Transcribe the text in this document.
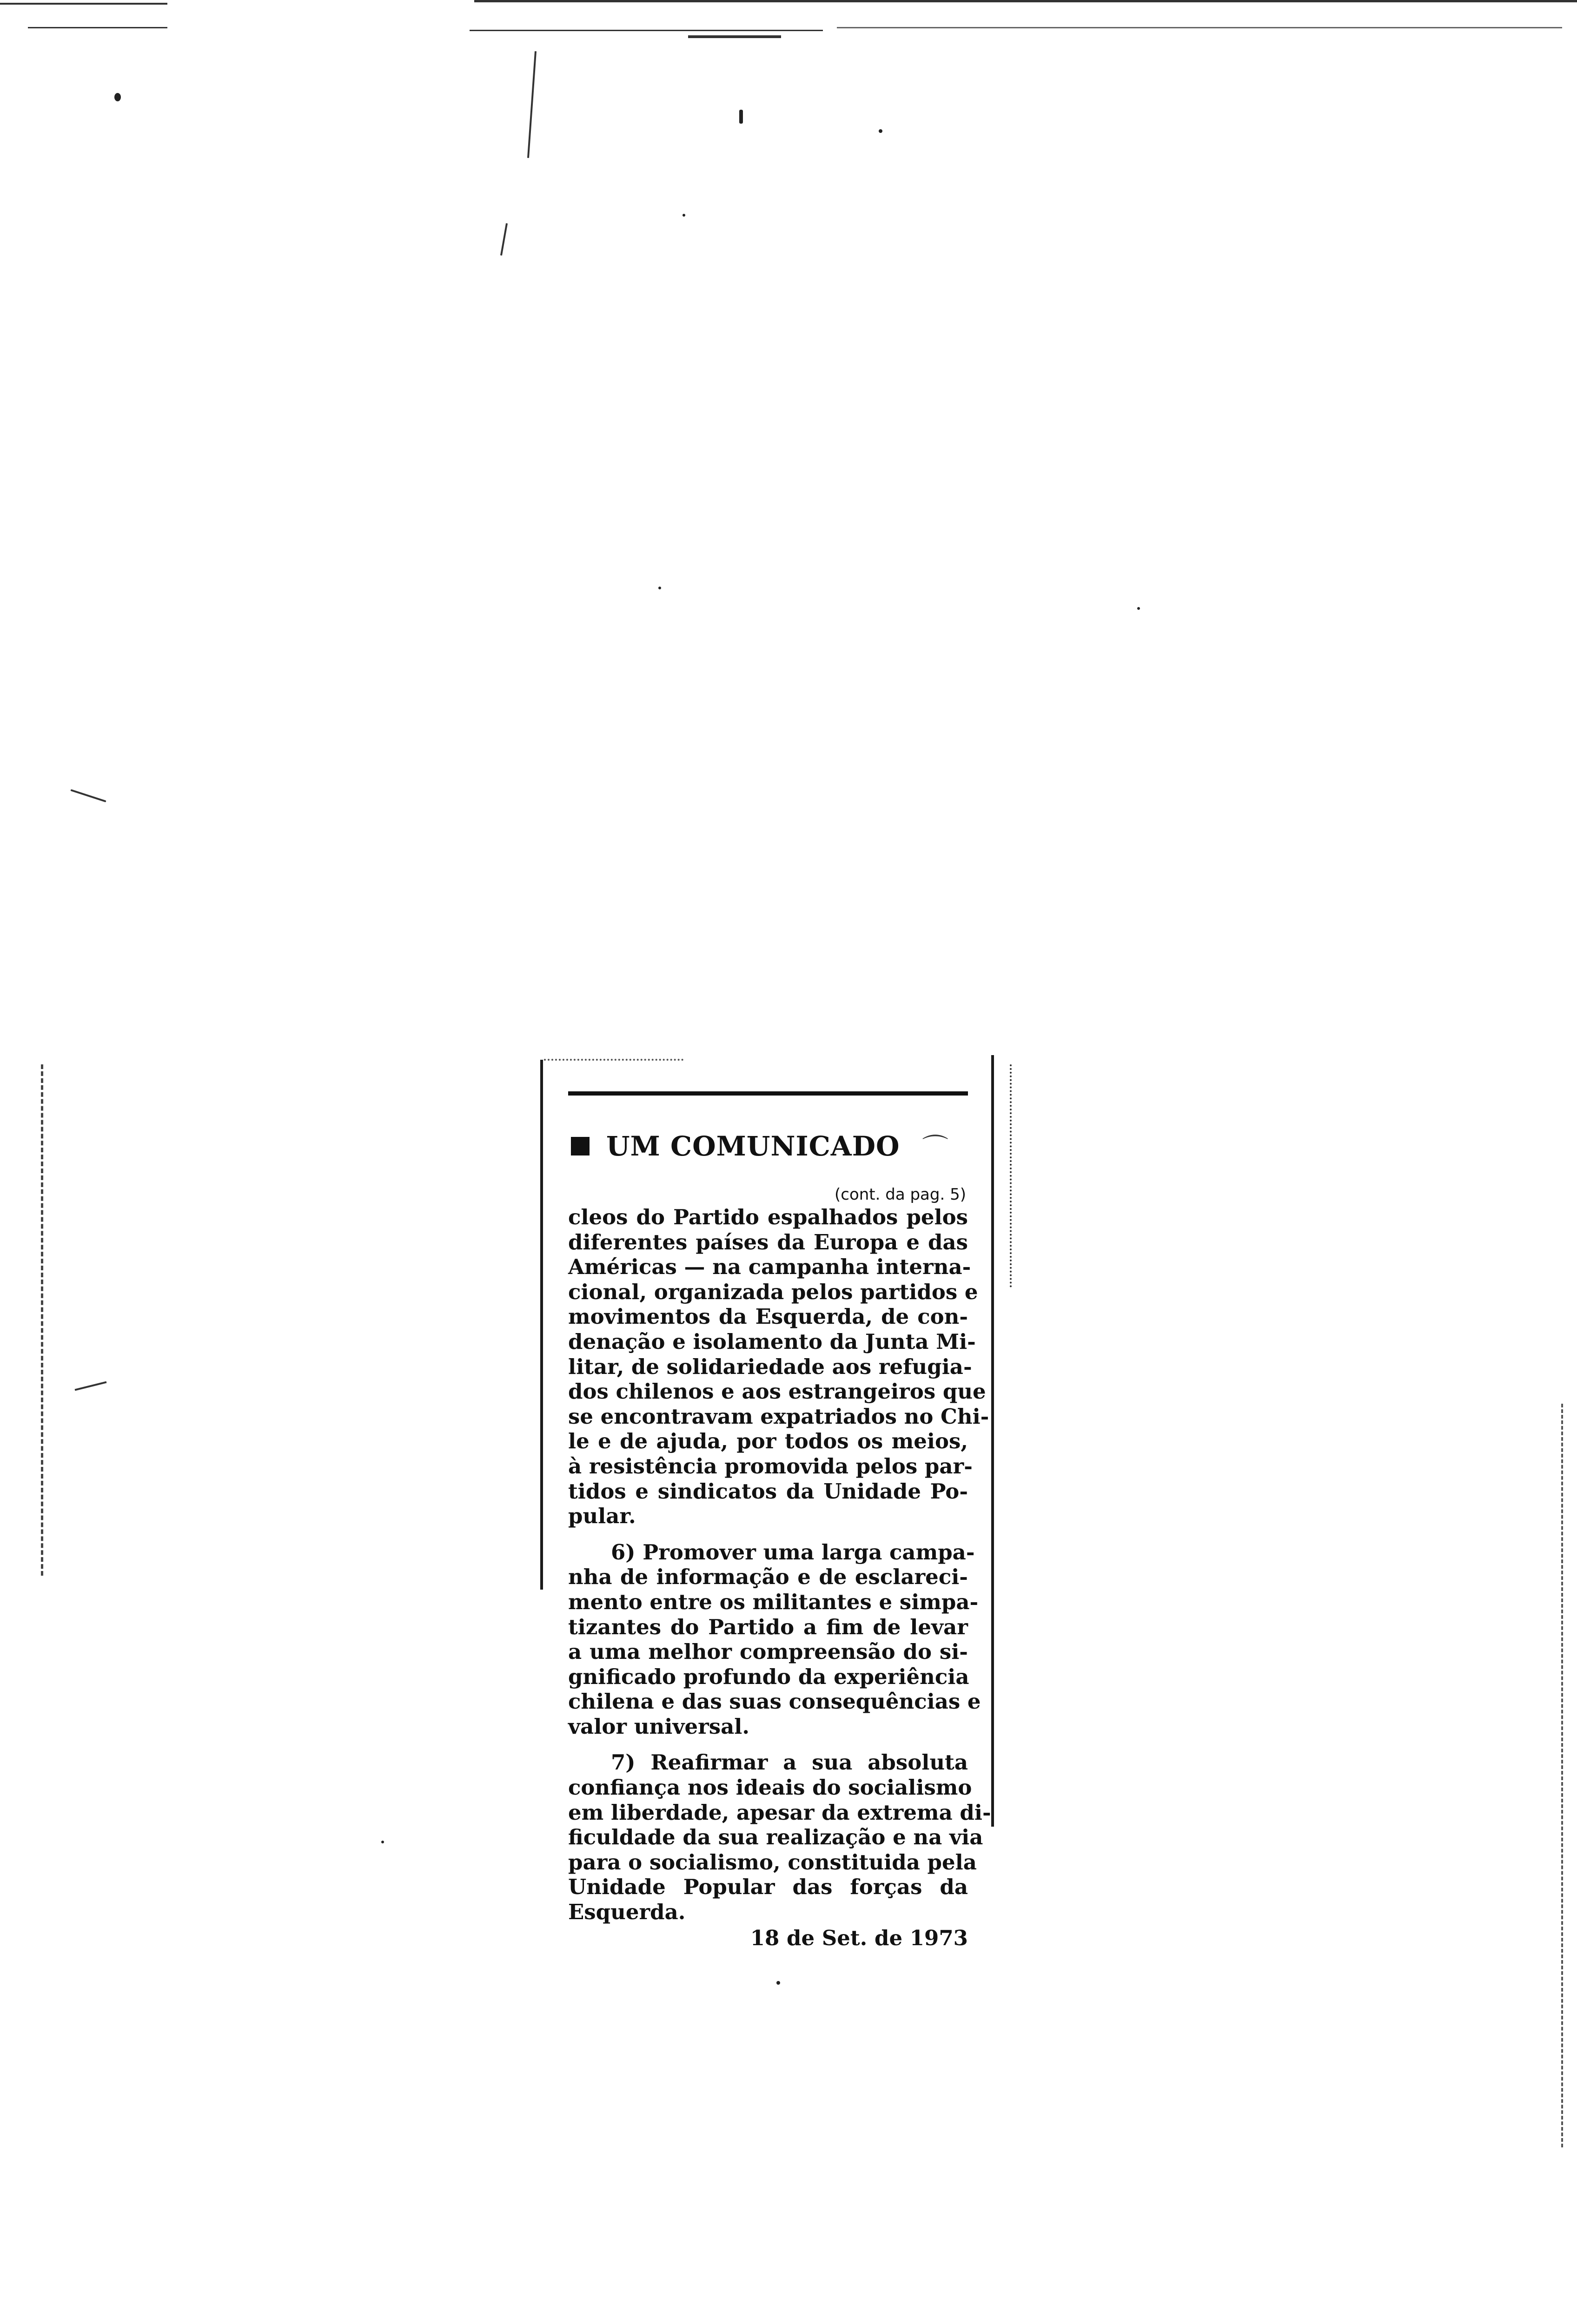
UM COMUNICADO ⌒
(cont. da pag. 5)
cleos do Partido espalhados pelos
diferentes países da Europa e das
Américas — na campanha interna-
cional, organizada pelos partidos e
movimentos da Esquerda, de con-
denação e isolamento da Junta Mi-
litar, de solidariedade aos refugia-
dos chilenos e aos estrangeiros que
se encontravam expatriados no Chi-
le e de ajuda, por todos os meios,
à resistência promovida pelos par-
tidos e sindicatos da Unidade Po-
pular.
6) Promover uma larga campa-
nha de informação e de esclareci-
mento entre os militantes e simpa-
tizantes do Partido a fim de levar
a uma melhor compreensão do si-
gnificado profundo da experiência
chilena e das suas consequências e
valor universal.
7) Reafirmar a sua absoluta
confiança nos ideais do socialismo
em liberdade, apesar da extrema di-
ficuldade da sua realização e na via
para o socialismo, constituida pela
Unidade Popular das forças da
Esquerda.
18 de Set. de 1973
